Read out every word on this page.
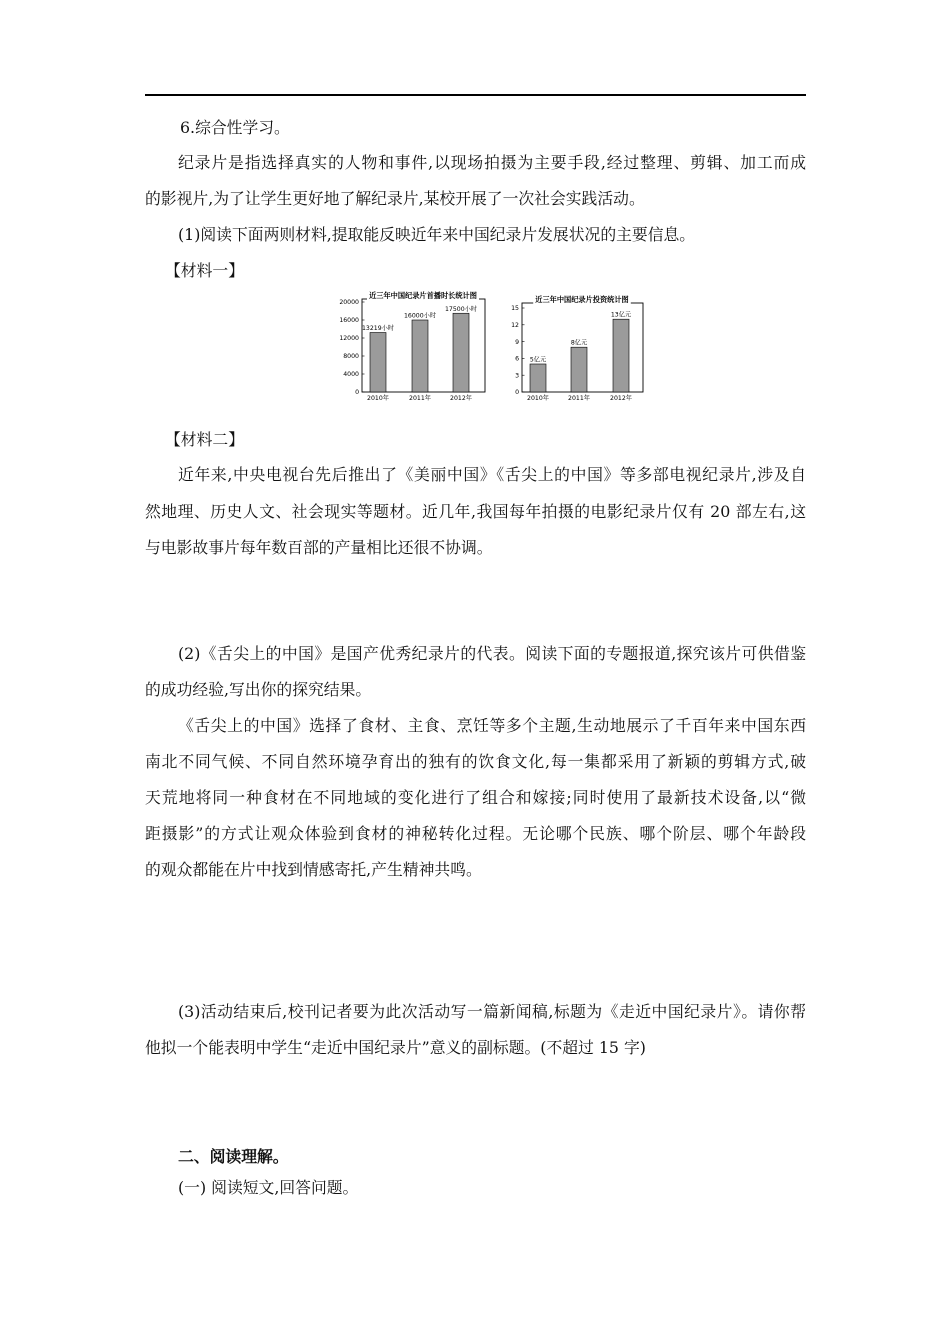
6.综合性学习。
纪录片是指选择真实的人物和事件,以现场拍摄为主要手段,经过整理、剪辑、加工而成
的影视片,为了让学生更好地了解纪录片,某校开展了一次社会实践活动。
(1)阅读下面两则材料,提取能反映近年来中国纪录片发展状况的主要信息。
【材料一】
0
4000
8000
12000
16000
20000
13219小时
2010年
16000小时
2011年
17500小时
2012年
近三年中国纪录片首播时长统计图
0
3
6
9
12
15
5亿元
2010年
8亿元
2011年
13亿元
2012年
近三年中国纪录片投资统计图
【材料二】
近年来,中央电视台先后推出了《美丽中国》《舌尖上的中国》等多部电视纪录片,涉及自
然地理、历史人文、社会现实等题材。近几年,我国每年拍摄的电影纪录片仅有 20 部左右,这
与电影故事片每年数百部的产量相比还很不协调。
(2)《舌尖上的中国》是国产优秀纪录片的代表。阅读下面的专题报道,探究该片可供借鉴
的成功经验,写出你的探究结果。
《舌尖上的中国》选择了食材、主食、烹饪等多个主题,生动地展示了千百年来中国东西
南北不同气候、不同自然环境孕育出的独有的饮食文化,每一集都采用了新颖的剪辑方式,破
天荒地将同一种食材在不同地域的变化进行了组合和嫁接;同时使用了最新技术设备,以“微
距摄影”的方式让观众体验到食材的神秘转化过程。无论哪个民族、哪个阶层、哪个年龄段
的观众都能在片中找到情感寄托,产生精神共鸣。
(3)活动结束后,校刊记者要为此次活动写一篇新闻稿,标题为《走近中国纪录片》。请你帮
他拟一个能表明中学生“走近中国纪录片”意义的副标题。(不超过 15 字)
二、阅读理解。
(一) 阅读短文,回答问题。
